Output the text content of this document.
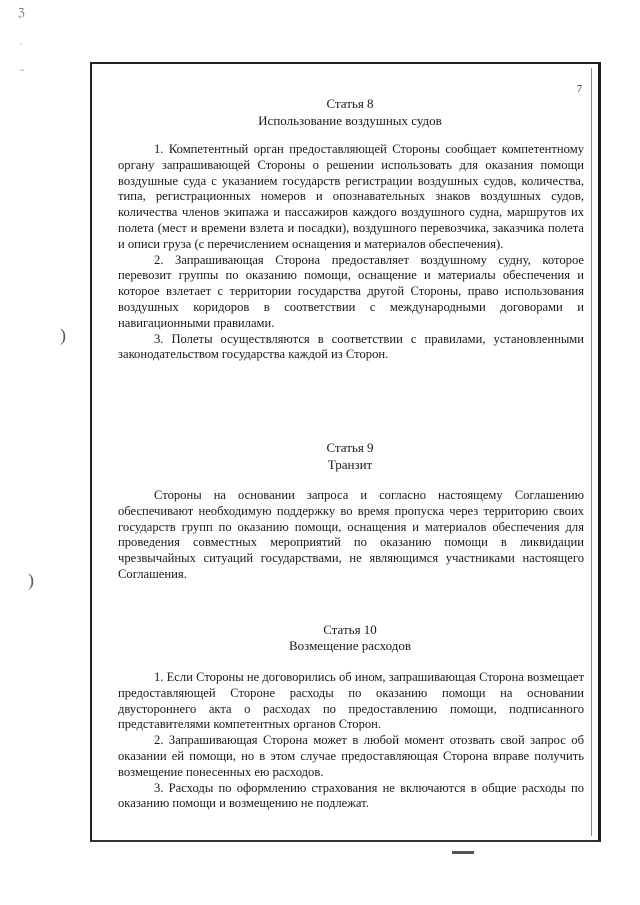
ℨ
·
~
7
Статья 8
Использование воздушных судов

1. Компетентный орган предоставляющей Стороны сообщает компетентному органу запрашивающей Стороны о решении использовать для оказания помощи воздушные суда с указанием государств регистрации воздушных судов, количества, типа, регистрационных номеров и опознавательных знаков воздушных судов, количества членов экипажа и пассажиров каждого воздушного судна, маршрутов их полета (мест и времени взлета и посадки), воздушного перевозчика, заказчика полета и описи груза (с перечислением оснащения и материалов обеспечения).

2. Запрашивающая Сторона предоставляет воздушному судну, которое перевозит группы по оказанию помощи, оснащение и материалы обеспечения и которое взлетает с территории государства другой Стороны, право использования воздушных коридоров в соответствии с международными договорами и навигационными правилами.

3. Полеты осуществляются в соответствии с правилами, установленными законодательством государства каждой из Сторон.

Статья 9
Транзит

Стороны на основании запроса и согласно настоящему Соглашению обеспечивают необходимую поддержку во время пропуска через территорию своих государств групп по оказанию помощи, оснащения и материалов обеспечения для проведения совместных мероприятий по оказанию помощи в ликвидации чрезвычайных ситуаций государствами, не являющимся участниками настоящего Соглашения.

Статья 10
Возмещение расходов

1. Если Стороны не договорились об ином, запрашивающая Сторона возмещает предоставляющей Стороне расходы по оказанию помощи на основании двустороннего акта о расходах по предоставлению помощи, подписанного представителями компетентных органов Сторон.

2. Запрашивающая Сторона может в любой момент отозвать свой запрос об оказании ей помощи, но в этом случае предоставляющая Сторона вправе получить возмещение понесенных ею расходов.

3. Расходы по оформлению страхования не включаются в общие расходы по оказанию помощи и возмещению не подлежат.

)
)
